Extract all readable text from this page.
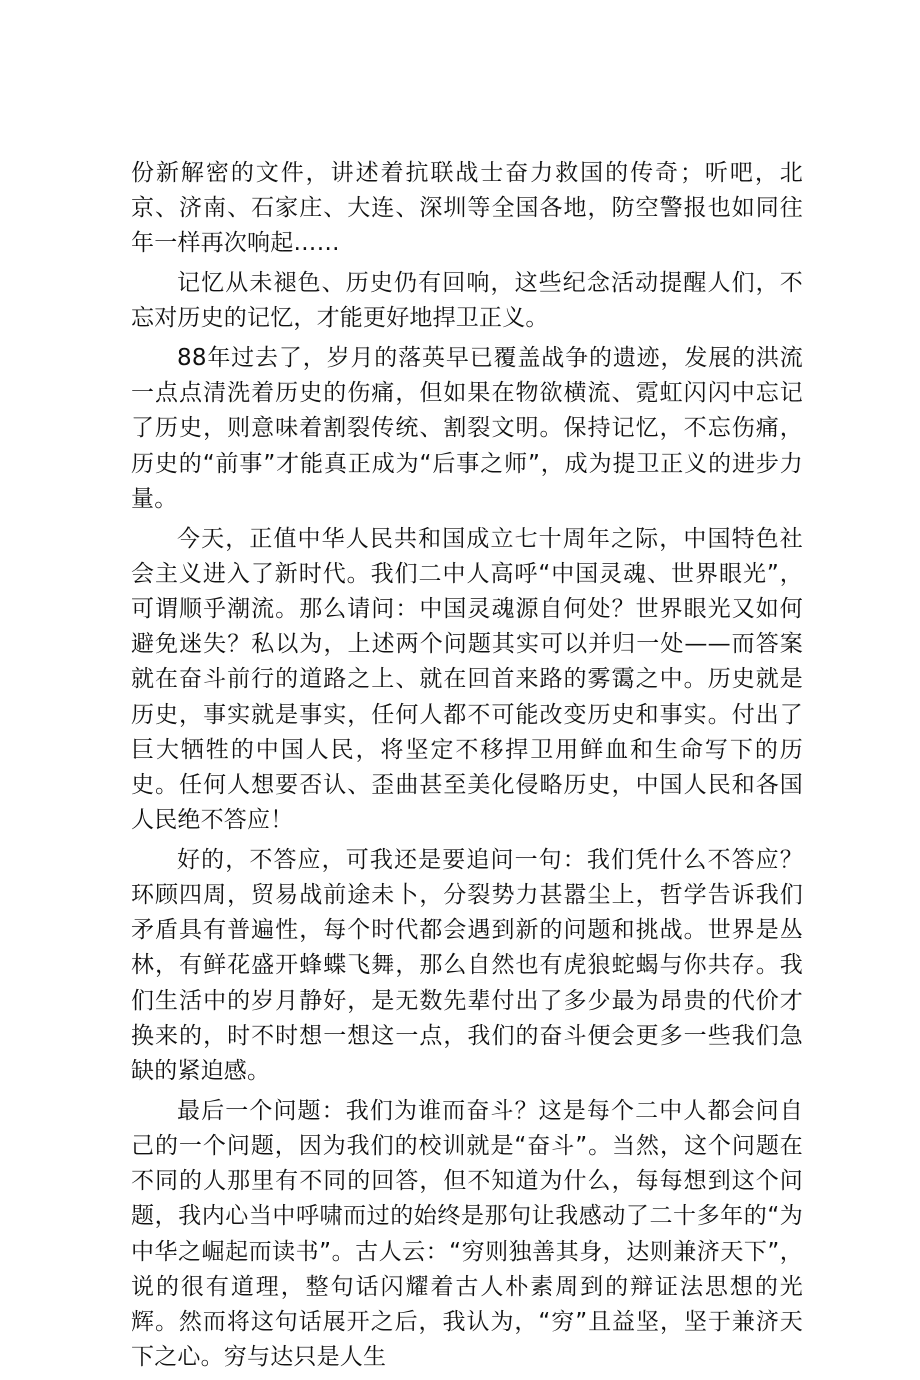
份新解密的文件，讲述着抗联战士奋力救国的传奇；听吧，北京、济南、石家庄、大连、深圳等全国各地，防空警报也如同往年一样再次响起……

记忆从未褪色、历史仍有回响，这些纪念活动提醒人们，不忘对历史的记忆，才能更好地捍卫正义。

88年过去了，岁月的落英早已覆盖战争的遗迹，发展的洪流一点点清洗着历史的伤痛，但如果在物欲横流、霓虹闪闪中忘记了历史，则意味着割裂传统、割裂文明。保持记忆，不忘伤痛，历史的“前事”才能真正成为“后事之师”，成为提卫正义的进步力量。

今天，正值中华人民共和国成立七十周年之际，中国特色社会主义进入了新时代。我们二中人高呼“中国灵魂、世界眼光”，可谓顺乎潮流。那么请问：中国灵魂源自何处？世界眼光又如何避免迷失？私以为，上述两个问题其实可以并归一处——而答案就在奋斗前行的道路之上、就在回首来路的雾霭之中。历史就是历史，事实就是事实，任何人都不可能改变历史和事实。付出了巨大牺牲的中国人民，将坚定不移捍卫用鲜血和生命写下的历史。任何人想要否认、歪曲甚至美化侵略历史，中国人民和各国人民绝不答应！

好的，不答应，可我还是要追问一句：我们凭什么不答应？环顾四周，贸易战前途未卜，分裂势力甚嚣尘上，哲学告诉我们矛盾具有普遍性，每个时代都会遇到新的问题和挑战。世界是丛林，有鲜花盛开蜂蝶飞舞，那么自然也有虎狼蛇蝎与你共存。我们生活中的岁月静好，是无数先辈付出了多少最为昂贵的代价才换来的，时不时想一想这一点，我们的奋斗便会更多一些我们急缺的紧迫感。

最后一个问题：我们为谁而奋斗？这是每个二中人都会问自己的一个问题，因为我们的校训就是“奋斗”。当然，这个问题在不同的人那里有不同的回答，但不知道为什么，每每想到这个问题，我内心当中呼啸而过的始终是那句让我感动了二十多年的“为中华之崛起而读书”。古人云：“穷则独善其身，达则兼济天下”，说的很有道理，整句话闪耀着古人朴素周到的辩证法思想的光辉。然而将这句话展开之后，我认为，“穷”且益坚，坚于兼济天下之心。穷与达只是人生
